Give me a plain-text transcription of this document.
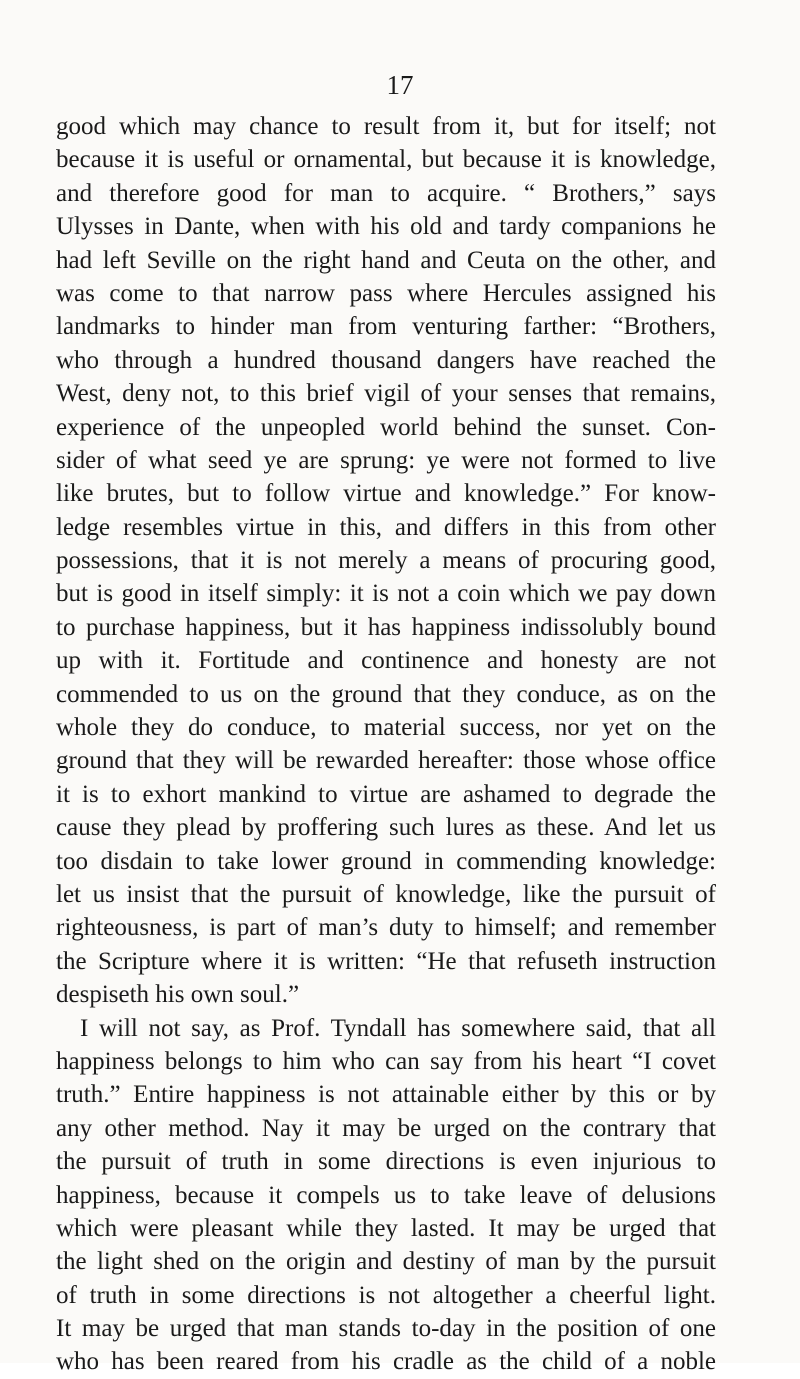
17
good which may chance to result from it, but for itself; not
because it is useful or ornamental, but because it is knowledge,
and therefore good for man to acquire. “ Brothers,” says
Ulysses in Dante, when with his old and tardy companions he
had left Seville on the right hand and Ceuta on the other, and
was come to that narrow pass where Hercules assigned his
landmarks to hinder man from venturing farther: “Brothers,
who through a hundred thousand dangers have reached the
West, deny not, to this brief vigil of your senses that remains,
experience of the unpeopled world behind the sunset. Con-
sider of what seed ye are sprung: ye were not formed to live
like brutes, but to follow virtue and knowledge.” For know-
ledge resembles virtue in this, and differs in this from other
possessions, that it is not merely a means of procuring good,
but is good in itself simply: it is not a coin which we pay down
to purchase happiness, but it has happiness indissolubly bound
up with it. Fortitude and continence and honesty are not
commended to us on the ground that they conduce, as on the
whole they do conduce, to material success, nor yet on the
ground that they will be rewarded hereafter: those whose office
it is to exhort mankind to virtue are ashamed to degrade the
cause they plead by proffering such lures as these. And let us
too disdain to take lower ground in commending knowledge:
let us insist that the pursuit of knowledge, like the pursuit of
righteousness, is part of man’s duty to himself; and remember
the Scripture where it is written: “He that refuseth instruction
despiseth his own soul.”
I will not say, as Prof. Tyndall has somewhere said, that all
happiness belongs to him who can say from his heart “I covet
truth.” Entire happiness is not attainable either by this or by
any other method. Nay it may be urged on the contrary that
the pursuit of truth in some directions is even injurious to
happiness, because it compels us to take leave of delusions
which were pleasant while they lasted. It may be urged that
the light shed on the origin and destiny of man by the pursuit
of truth in some directions is not altogether a cheerful light.
It may be urged that man stands to-day in the position of one
who has been reared from his cradle as the child of a noble
